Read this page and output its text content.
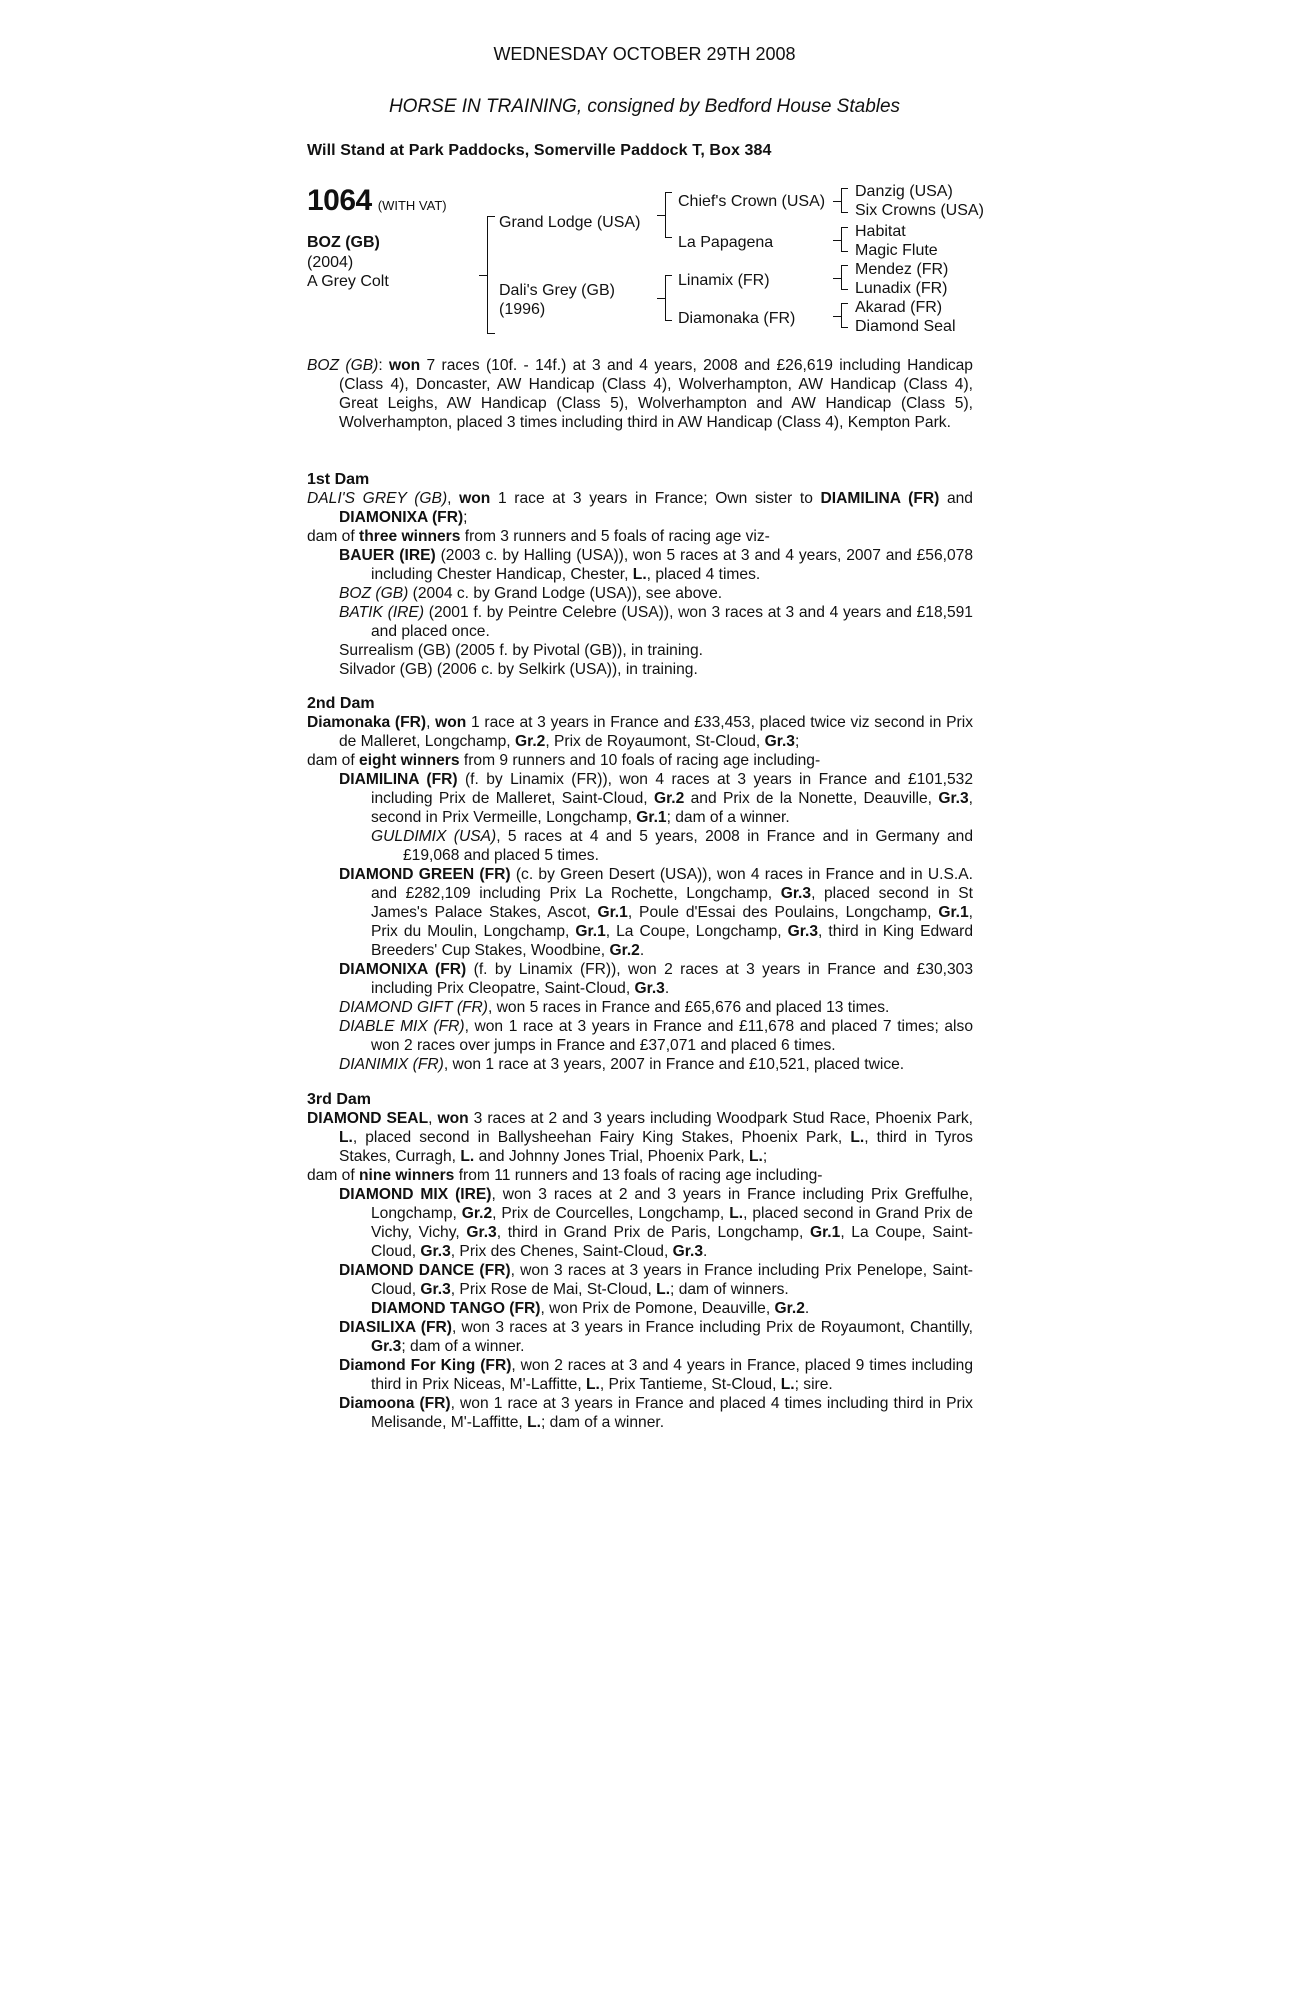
WEDNESDAY OCTOBER 29TH 2008
HORSE IN TRAINING, consigned by Bedford House Stables
Will Stand at Park Paddocks, Somerville Paddock T, Box 384
1064 (WITH VAT)
BOZ (GB)
(2004)
A Grey Colt
Grand Lodge (USA)
Dali's Grey (GB)
(1996)
Chief's Crown (USA)
La Papagena
Linamix (FR)
Diamonaka (FR)
Danzig (USA)
Six Crowns (USA)
Habitat
Magic Flute
Mendez (FR)
Lunadix (FR)
Akarad (FR)
Diamond Seal

BOZ (GB): won 7 races (10f. - 14f.) at 3 and 4 years, 2008 and £26,619 including Handicap (Class 4), Doncaster, AW Handicap (Class 4), Wolverhampton, AW Handicap (Class 4), Great Leighs, AW Handicap (Class 5), Wolverhampton and AW Handicap (Class 5), Wolverhampton, placed 3 times including third in AW Handicap (Class 4), Kempton Park.

1st Dam

DALI'S GREY (GB), won 1 race at 3 years in France; Own sister to DIAMILINA (FR) and DIAMONIXA (FR);

dam of three winners from 3 runners and 5 foals of racing age viz-

BAUER (IRE) (2003 c. by Halling (USA)), won 5 races at 3 and 4 years, 2007 and £56,078 including Chester Handicap, Chester, L., placed 4 times.

BOZ (GB) (2004 c. by Grand Lodge (USA)), see above.

BATIK (IRE) (2001 f. by Peintre Celebre (USA)), won 3 races at 3 and 4 years and £18,591 and placed once.

Surrealism (GB) (2005 f. by Pivotal (GB)), in training.

Silvador (GB) (2006 c. by Selkirk (USA)), in training.

2nd Dam

Diamonaka (FR), won 1 race at 3 years in France and £33,453, placed twice viz second in Prix de Malleret, Longchamp, Gr.2, Prix de Royaumont, St-Cloud, Gr.3;

dam of eight winners from 9 runners and 10 foals of racing age including-

DIAMILINA (FR) (f. by Linamix (FR)), won 4 races at 3 years in France and £101,532 including Prix de Malleret, Saint-Cloud, Gr.2 and Prix de la Nonette, Deauville, Gr.3, second in Prix Vermeille, Longchamp, Gr.1; dam of a winner.

GULDIMIX (USA), 5 races at 4 and 5 years, 2008 in France and in Germany and £19,068 and placed 5 times.

DIAMOND GREEN (FR) (c. by Green Desert (USA)), won 4 races in France and in U.S.A. and £282,109 including Prix La Rochette, Longchamp, Gr.3, placed second in St James's Palace Stakes, Ascot, Gr.1, Poule d'Essai des Poulains, Longchamp, Gr.1, Prix du Moulin, Longchamp, Gr.1, La Coupe, Longchamp, Gr.3, third in King Edward Breeders' Cup Stakes, Woodbine, Gr.2.

DIAMONIXA (FR) (f. by Linamix (FR)), won 2 races at 3 years in France and £30,303 including Prix Cleopatre, Saint-Cloud, Gr.3.

DIAMOND GIFT (FR), won 5 races in France and £65,676 and placed 13 times.

DIABLE MIX (FR), won 1 race at 3 years in France and £11,678 and placed 7 times; also won 2 races over jumps in France and £37,071 and placed 6 times.

DIANIMIX (FR), won 1 race at 3 years, 2007 in France and £10,521, placed twice.

3rd Dam

DIAMOND SEAL, won 3 races at 2 and 3 years including Woodpark Stud Race, Phoenix Park, L., placed second in Ballysheehan Fairy King Stakes, Phoenix Park, L., third in Tyros Stakes, Curragh, L. and Johnny Jones Trial, Phoenix Park, L.;

dam of nine winners from 11 runners and 13 foals of racing age including-

DIAMOND MIX (IRE), won 3 races at 2 and 3 years in France including Prix Greffulhe, Longchamp, Gr.2, Prix de Courcelles, Longchamp, L., placed second in Grand Prix de Vichy, Vichy, Gr.3, third in Grand Prix de Paris, Longchamp, Gr.1, La Coupe, Saint-Cloud, Gr.3, Prix des Chenes, Saint-Cloud, Gr.3.

DIAMOND DANCE (FR), won 3 races at 3 years in France including Prix Penelope, Saint-Cloud, Gr.3, Prix Rose de Mai, St-Cloud, L.; dam of winners.

DIAMOND TANGO (FR), won Prix de Pomone, Deauville, Gr.2.

DIASILIXA (FR), won 3 races at 3 years in France including Prix de Royaumont, Chantilly, Gr.3; dam of a winner.

Diamond For King (FR), won 2 races at 3 and 4 years in France, placed 9 times including third in Prix Niceas, M'-Laffitte, L., Prix Tantieme, St-Cloud, L.; sire.

Diamoona (FR), won 1 race at 3 years in France and placed 4 times including third in Prix Melisande, M'-Laffitte, L.; dam of a winner.
